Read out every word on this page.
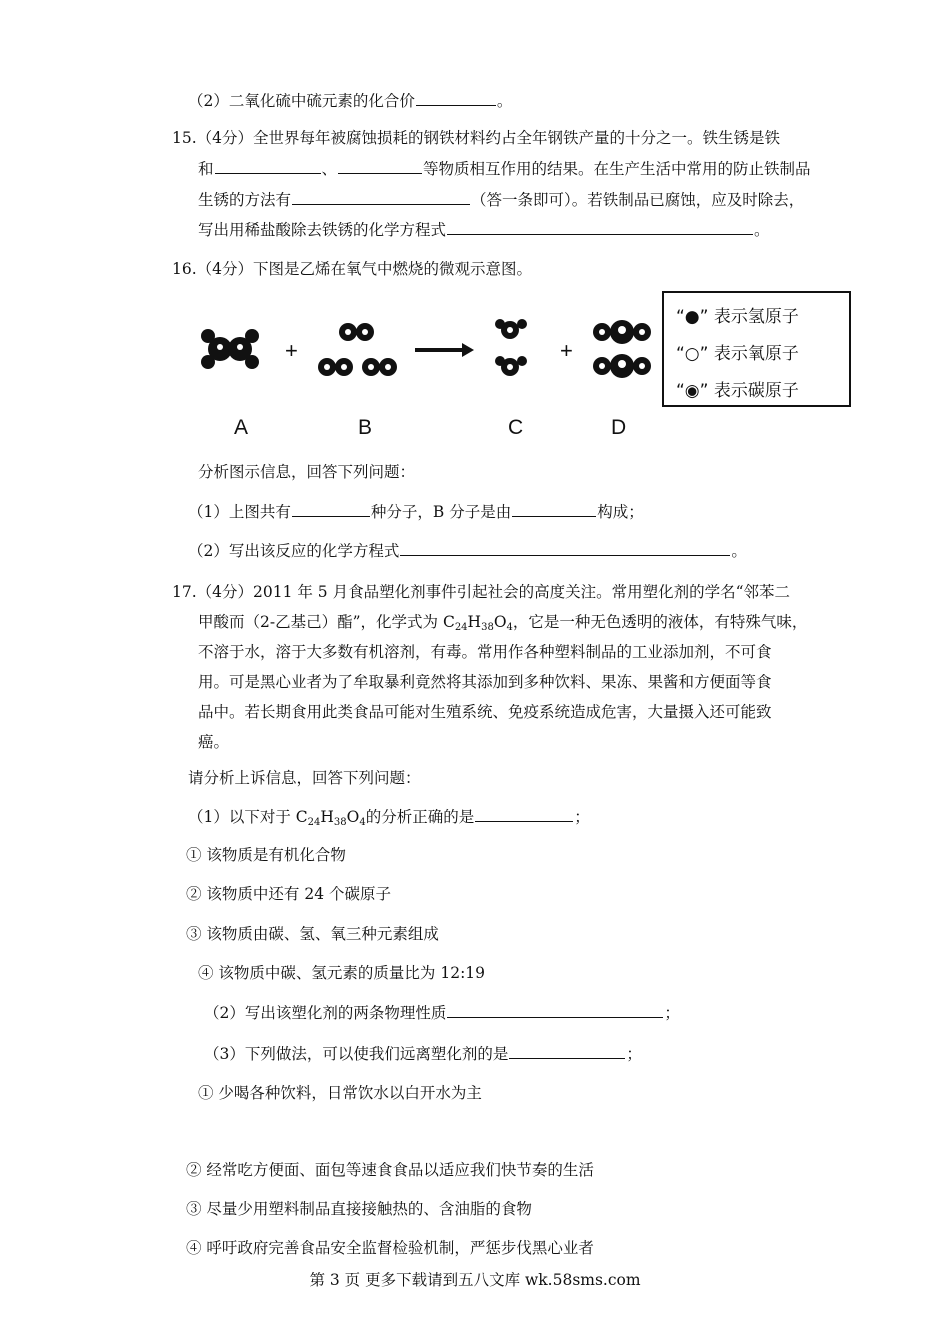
（2）二氧化硫中硫元素的化合价	。
15.（4分）全世界每年被腐蚀损耗的钢铁材料约占全年钢铁产量的十分之一。铁生锈是铁
和	、	等物质相互作用的结果。在生产生活中常用的防止铁制品
生锈的方法有	（答一条即可）。若铁制品已腐蚀，应及时除去，
写出用稀盐酸除去铁锈的化学方程式	。
16.（4分）下图是乙烯在氧气中燃烧的微观示意图。
+	+
A	B	C	D
“●” 表示氢原子
“○” 表示氧原子
“◉” 表示碳原子
分析图示信息，回答下列问题：
（1）上图共有	种分子，B 分子是由	构成；
（2）写出该反应的化学方程式	。
17.（4分）2011 年 5 月食品塑化剂事件引起社会的高度关注。常用塑化剂的学名“邻苯二
甲酸而（2-乙基己）酯”，化学式为 $C_{24}H_{38}O_4$，它是一种无色透明的液体，有特殊气味，
不溶于水，溶于大多数有机溶剂，有毒。常用作各种塑料制品的工业添加剂，不可食
用。可是黑心业者为了牟取暴利竟然将其添加到多种饮料、果冻、果酱和方便面等食
品中。若长期食用此类食品可能对生殖系统、免疫系统造成危害，大量摄入还可能致
癌。
请分析上诉信息，回答下列问题：
（1）以下对于 $C_{24}H_{38}O_4$的分析正确的是	；
① 该物质是有机化合物
② 该物质中还有 24 个碳原子
③ 该物质由碳、氢、氧三种元素组成
④ 该物质中碳、氢元素的质量比为 12:19
（2）写出该塑化剂的两条物理性质	；
（3）下列做法，可以使我们远离塑化剂的是	；
① 少喝各种饮料，日常饮水以白开水为主
② 经常吃方便面、面包等速食食品以适应我们快节奏的生活
③ 尽量少用塑料制品直接接触热的、含油脂的食物
④ 呼吁政府完善食品安全监督检验机制，严惩步伐黑心业者
第 3 页 更多下载请到五八文库 wk.58sms.com
